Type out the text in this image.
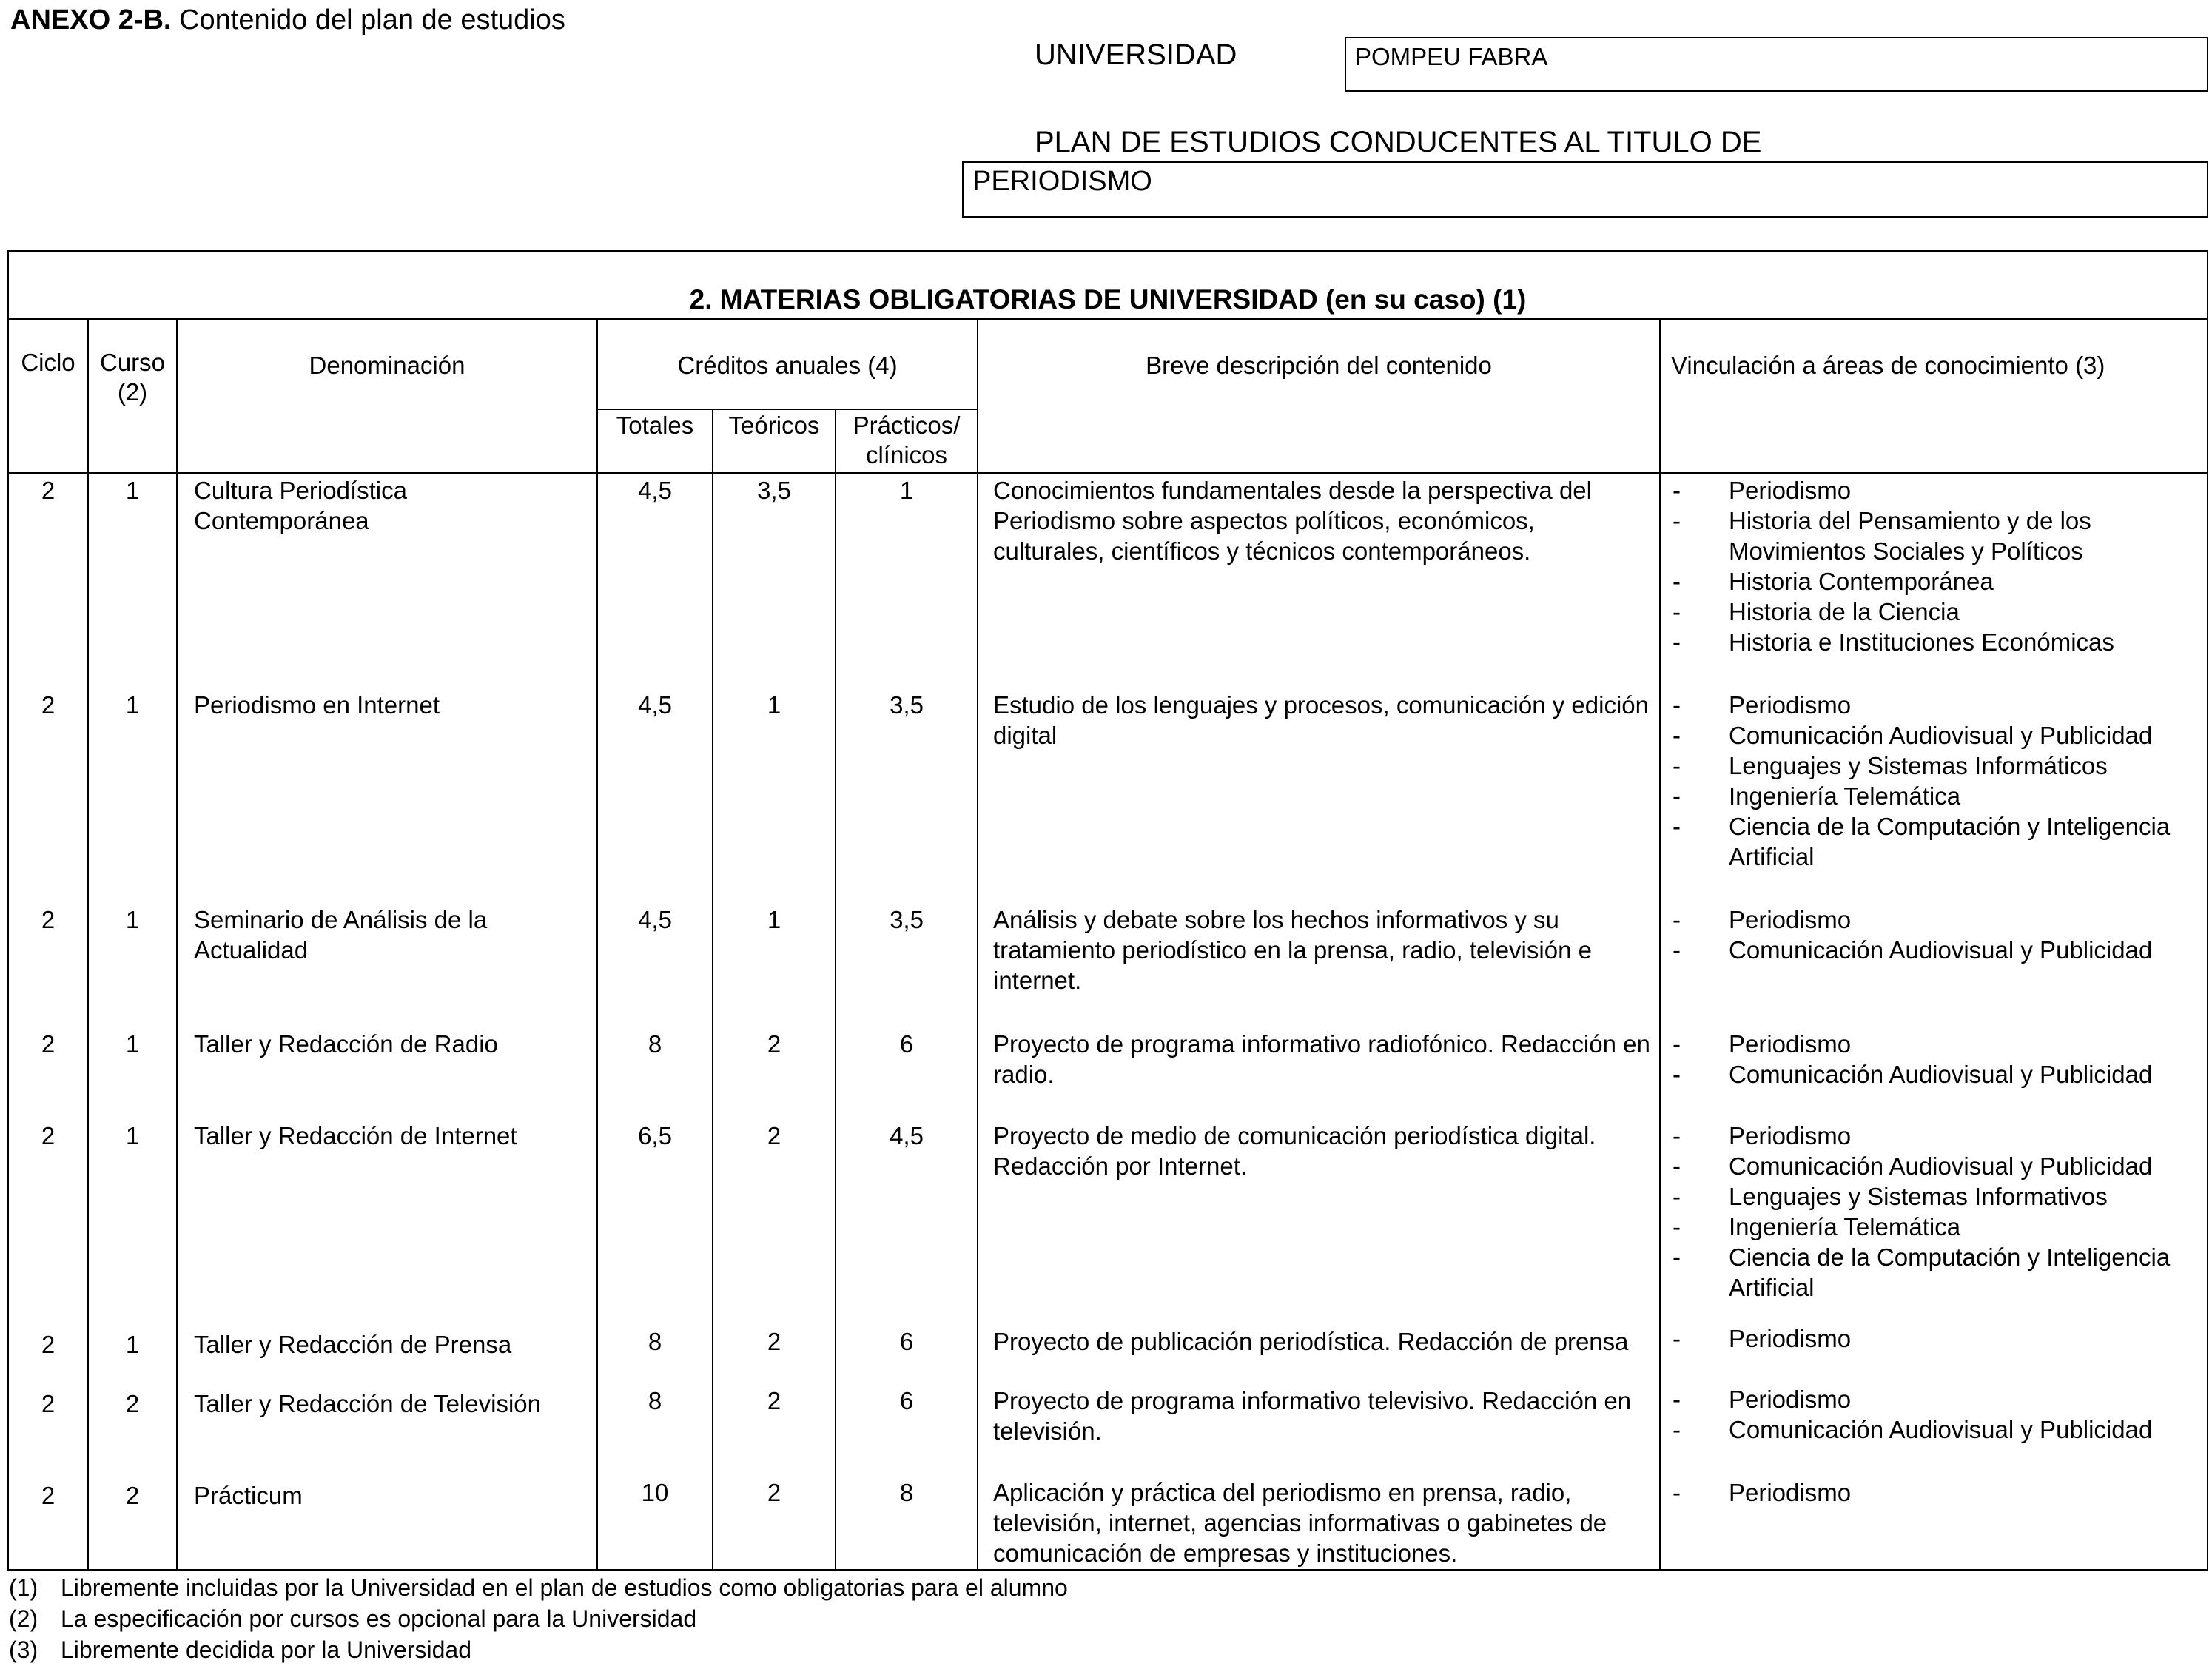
ANEXO 2-B. Contenido del plan de estudios
UNIVERSIDAD	POMPEU FABRA
PLAN DE ESTUDIOS CONDUCENTES AL TITULO DE
PERIODISMO
2. MATERIAS OBLIGATORIAS DE UNIVERSIDAD (en su caso) (1)
Ciclo	Curso (2)
Denominación	Créditos anuales (4)
Totales	Teóricos	Prácticos/ clínicos
Breve descripción del contenido	Vinculación a áreas de conocimiento (3)
2	1	Cultura Periodística Contemporánea
4,5	3,5	1	Conocimientos fundamentales desde la perspectiva del Periodismo sobre aspectos políticos, económicos, culturales, científicos y técnicos contemporáneos.
- Periodismo
- Historia del Pensamiento y de los Movimientos Sociales y Políticos
- Historia Contemporánea
- Historia de la Ciencia
- Historia e Instituciones Económicas
2	1	Periodismo en Internet	4,5	1	3,5	Estudio de los lenguajes y procesos, comunicación y edición digital
- Periodismo
- Comunicación Audiovisual y Publicidad
- Lenguajes y Sistemas Informáticos
- Ingeniería Telemática
- Ciencia de la Computación y Inteligencia Artificial
2	1	Seminario de Análisis de la Actualidad
4,5	1	3,5	Análisis y debate sobre los hechos informativos y su tratamiento periodístico en la prensa, radio, televisión e internet.
- Periodismo
- Comunicación Audiovisual y Publicidad
2	1	Taller y Redacción de Radio	8	2	6	Proyecto de programa informativo radiofónico. Redacción en radio.
- Periodismo
- Comunicación Audiovisual y Publicidad
2	1	Taller y Redacción de Internet	6,5	2	4,5	Proyecto de medio de comunicación periodística digital. Redacción por Internet.
- Periodismo
- Comunicación Audiovisual y Publicidad
- Lenguajes y Sistemas Informativos
- Ingeniería Telemática
- Ciencia de la Computación y Inteligencia Artificial
2	1	Taller y Redacción de Prensa	8	2	6	Proyecto de publicación periodística. Redacción de prensa
-	Periodismo
2	2	Taller y Redacción de Televisión	8	2	6	Proyecto de programa informativo televisivo. Redacción en televisión.
- Periodismo
- Comunicación Audiovisual y Publicidad
2	2	Prácticum	10	2	8	Aplicación y práctica del periodismo en prensa, radio, televisión, internet, agencias informativas o gabinetes de comunicación de empresas y instituciones.
- Periodismo
(1) Libremente incluidas por la Universidad en el plan de estudios como obligatorias para el alumno
(2) La especificación por cursos es opcional para la Universidad
(3) Libremente decidida por la Universidad
